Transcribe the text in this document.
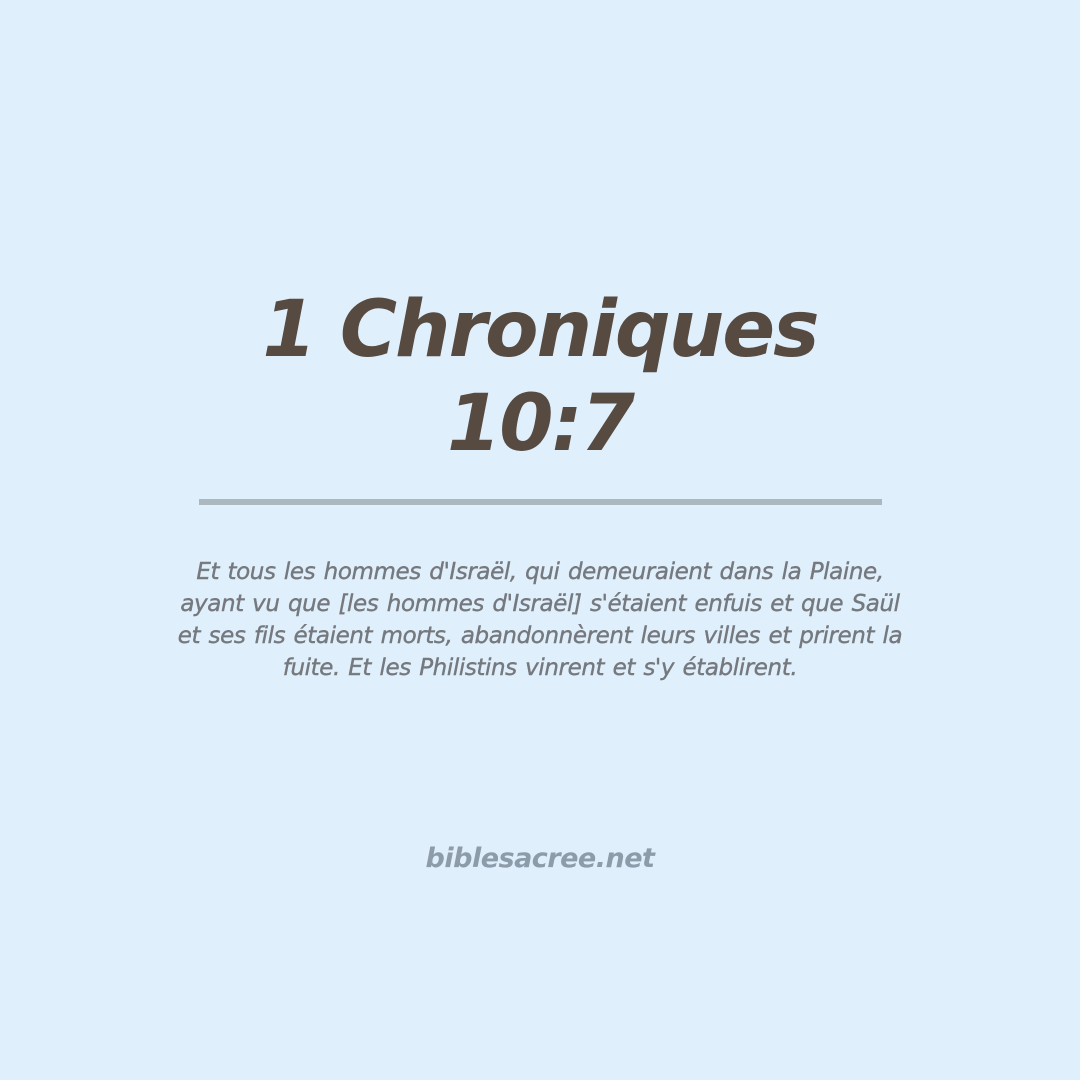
1 Chroniques
10:7
Et tous les hommes d'Israël, qui demeuraient dans la Plaine,
ayant vu que [les hommes d'Israël] s'étaient enfuis et que Saül
et ses fils étaient morts, abandonnèrent leurs villes et prirent la
fuite. Et les Philistins vinrent et s'y établirent.
biblesacree.net
